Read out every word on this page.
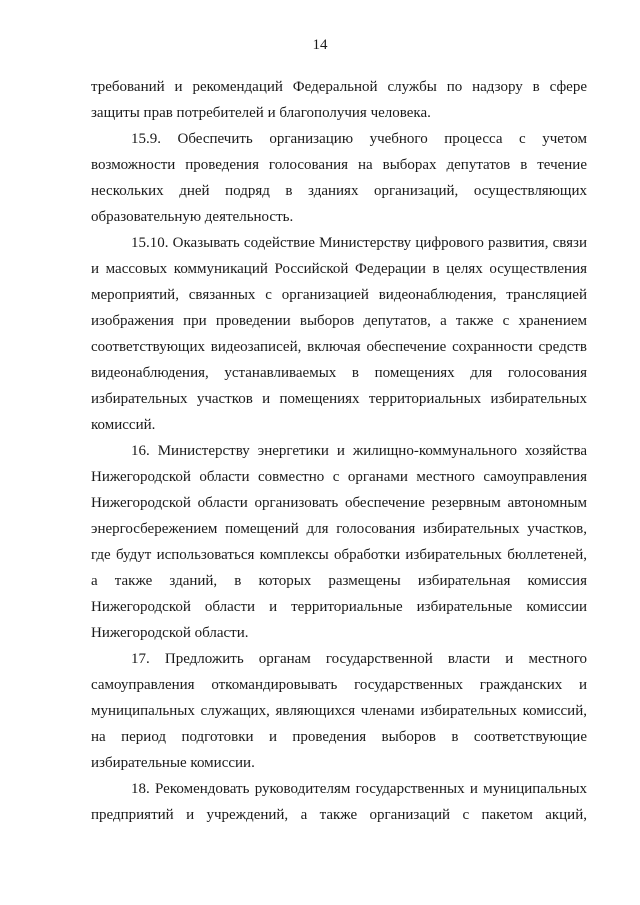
14

требований и рекомендаций Федеральной службы по надзору в сфере защиты прав потребителей и благополучия человека.

15.9. Обеспечить организацию учебного процесса с учетом возможности проведения голосования на выборах депутатов в течение нескольких дней подряд в зданиях организаций, осуществляющих образовательную деятельность.

15.10. Оказывать содействие Министерству цифрового развития, связи и массовых коммуникаций Российской Федерации в целях осуществления мероприятий, связанных с организацией видеонаблюдения, трансляцией изображения при проведении выборов депутатов, а также с хранением соответствующих видеозаписей, включая обеспечение сохранности средств видеонаблюдения, устанавливаемых в помещениях для голосования избирательных участков и помещениях территориальных избирательных комиссий.

16. Министерству энергетики и жилищно-коммунального хозяйства Нижегородской области совместно с органами местного самоуправления Нижегородской области организовать обеспечение резервным автономным энергосбережением помещений для голосования избирательных участков, где будут использоваться комплексы обработки избирательных бюллетеней, а также зданий, в которых размещены избирательная комиссия Нижегородской области и территориальные избирательные комиссии Нижегородской области.

17. Предложить органам государственной власти и местного самоуправления откомандировывать государственных гражданских и муниципальных служащих, являющихся членами избирательных комиссий, на период подготовки и проведения выборов в соответствующие избирательные комиссии.

18. Рекомендовать руководителям государственных и муниципальных предприятий и учреждений, а также организаций с пакетом акций,
